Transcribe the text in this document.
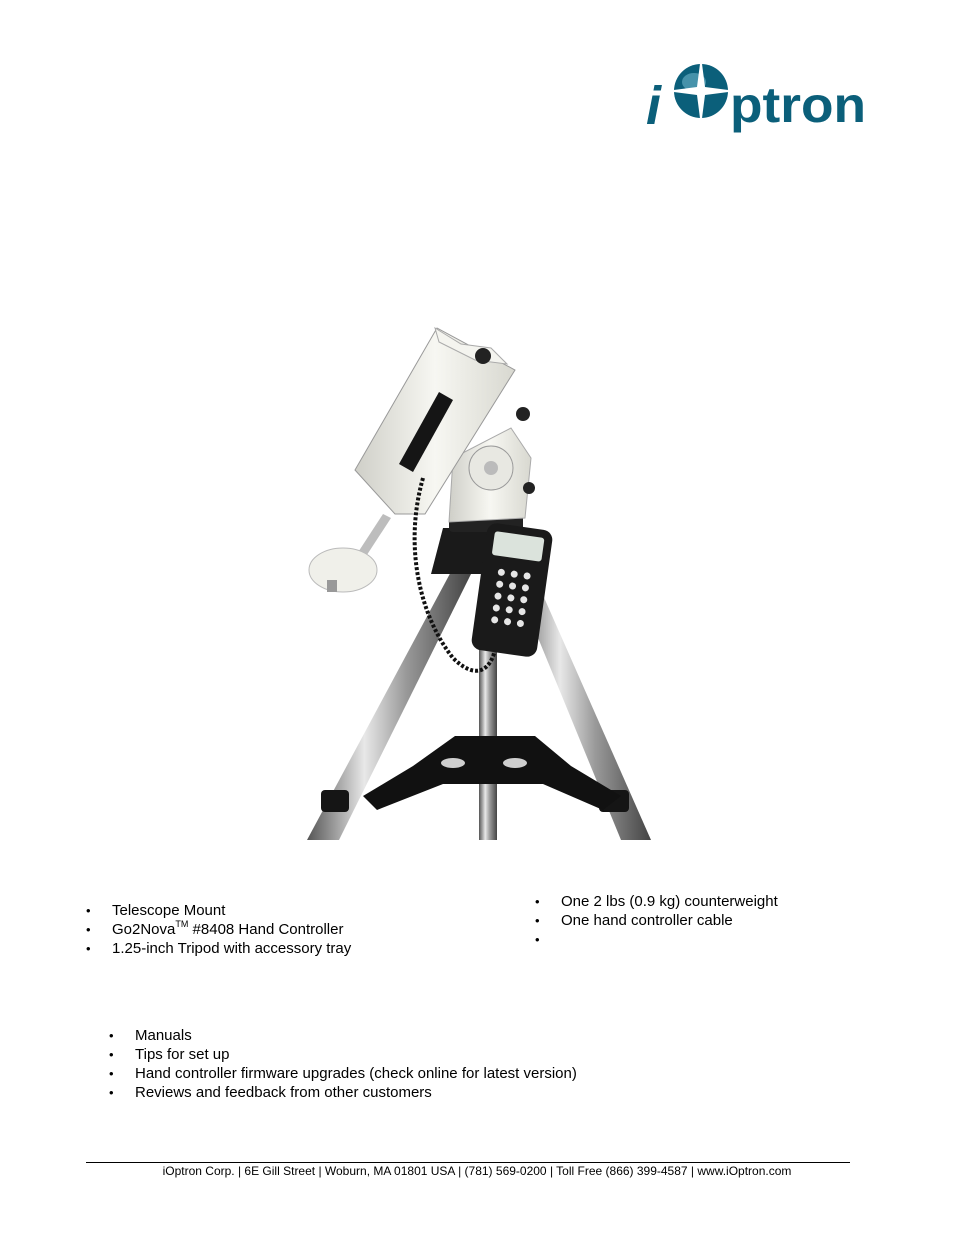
i ptron
• Telescope Mount
• Go2Nova™ #8408 Hand Controller
• 1.25-inch Tripod with accessory tray
• One 2 lbs (0.9 kg) counterweight
• One hand controller cable
•
• Manuals
• Tips for set up
• Hand controller firmware upgrades (check online for latest version)
• Reviews and feedback from other customers
iOptron Corp. | 6E Gill Street | Woburn, MA 01801 USA | (781) 569-0200 | Toll Free (866) 399-4587 | www.iOptron.com
